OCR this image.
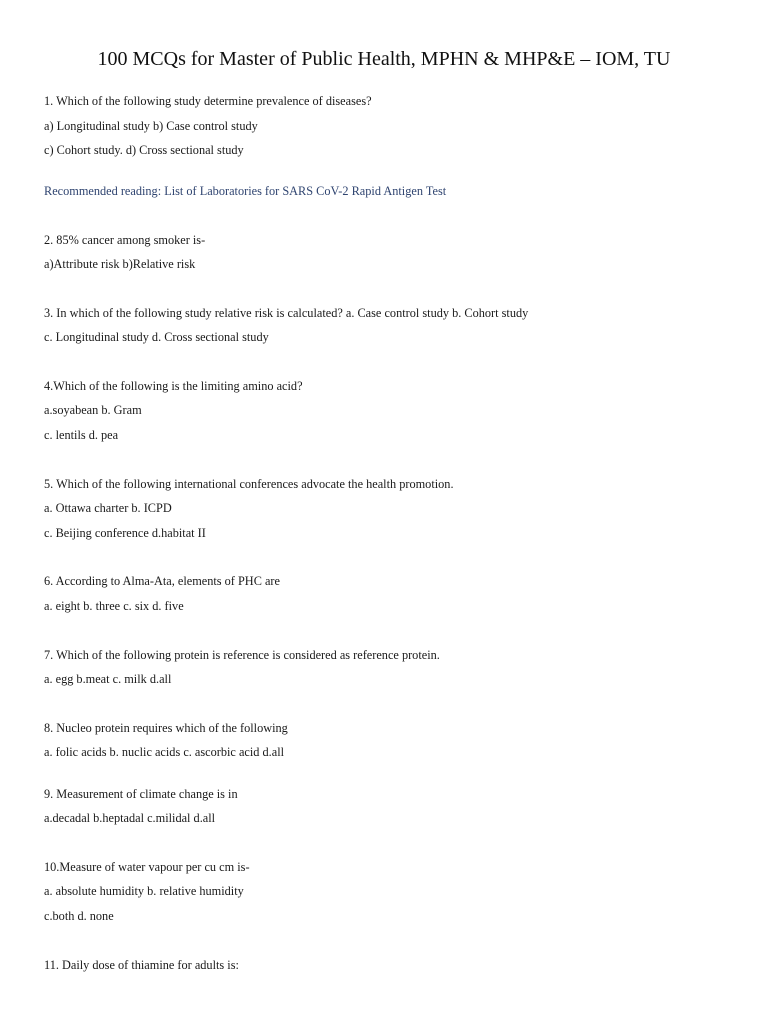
100 MCQs for Master of Public Health, MPHN & MHP&E – IOM, TU
1. Which of the following study determine prevalence of diseases?
a) Longitudinal study b) Case control study
c) Cohort study. d) Cross sectional study
Recommended reading: List of Laboratories for SARS CoV-2 Rapid Antigen Test
2. 85% cancer among smoker is-
a)Attribute risk b)Relative risk
3. In which of the following study relative risk is calculated? a. Case control study b. Cohort study
c. Longitudinal study d. Cross sectional study
4.Which of the following is the limiting amino acid?
a.soyabean b. Gram
c. lentils d. pea
5. Which of the following international conferences advocate the health promotion.
a. Ottawa charter b. ICPD
c. Beijing conference d.habitat II
6. According to Alma-Ata, elements of PHC are
a. eight b. three c. six d. five
7. Which of the following protein is reference is considered as reference protein.
a. egg b.meat c. milk d.all
8. Nucleo protein requires which of the following
a. folic acids b. nuclic acids c. ascorbic acid d.all
9. Measurement of climate change is in
a.decadal b.heptadal c.milidal d.all
10.Measure of water vapour per cu cm is-
a. absolute humidity b. relative humidity
c.both d. none
11. Daily dose of thiamine for adults is:
